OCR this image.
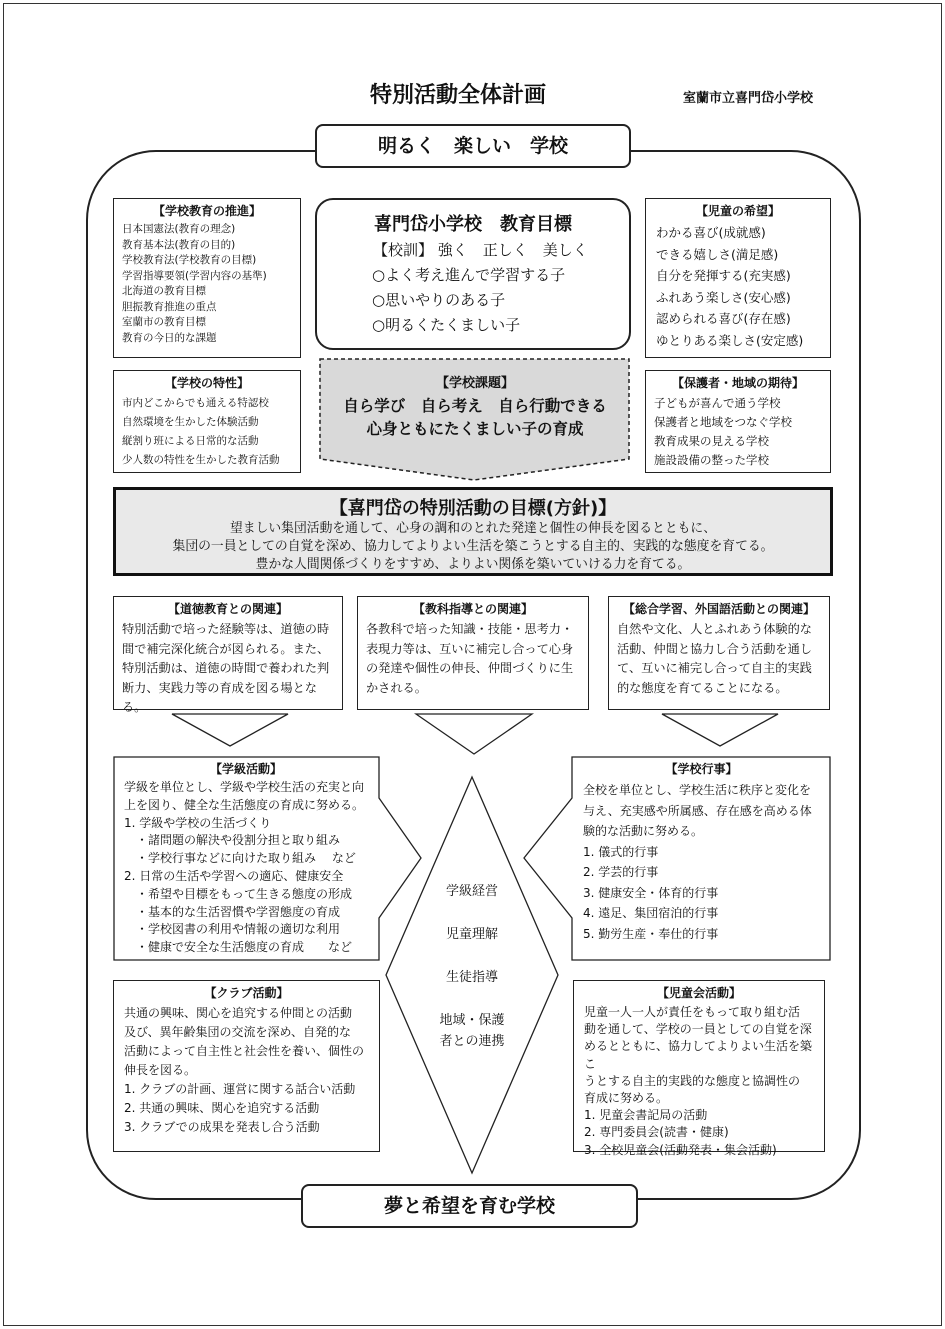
特別活動全体計画	室蘭市立喜門岱小学校
明るく　楽しい　学校
【学校教育の推進】
日本国憲法(教育の理念)
教育基本法(教育の目的)
学校教育法(学校教育の目標)
学習指導要領(学習内容の基準)
北海道の教育目標
胆振教育推進の重点
室蘭市の教育目標
教育の今日的な課題
喜門岱小学校　教育目標
【校訓】 強く　正しく　美しく
○よく考え進んで学習する子
○思いやりのある子
○明るくたくましい子
【児童の希望】
わかる喜び(成就感)
できる嬉しさ(満足感)
自分を発揮する(充実感)
ふれあう楽しさ(安心感)
認められる喜び(存在感)
ゆとりある楽しさ(安定感)
【学校の特性】
市内どこからでも通える特認校
自然環境を生かした体験活動
縦割り班による日常的な活動
少人数の特性を生かした教育活動
【学校課題】
自ら学び　自ら考え　自ら行動できる
心身ともにたくましい子の育成
【保護者・地域の期待】
子どもが喜んで通う学校
保護者と地域をつなぐ学校
教育成果の見える学校
施設設備の整った学校
【喜門岱の特別活動の目標(方針)】
望ましい集団活動を通して、心身の調和のとれた発達と個性の伸長を図るとともに、
集団の一員としての自覚を深め、協力してよりよい生活を築こうとする自主的、実践的な態度を育てる。
豊かな人間関係づくりをすすめ、よりよい関係を築いていける力を育てる。
【道徳教育との関連】
特別活動で培った経験等は、道徳の時間で補完深化統合が図られる。また、特別活動は、道徳の時間で養われた判断力、実践力等の育成を図る場となる。
【教科指導との関連】
各教科で培った知識・技能・思考力・表現力等は、互いに補完し合って心身の発達や個性の伸長、仲間づくりに生かされる。
【総合学習、外国語活動との関連】
自然や文化、人とふれあう体験的な活動、仲間と協力し合う活動を通して、互いに補完し合って自主的実践的な態度を育てることになる。
学級経営
児童理解
生徒指導
地域・保護
者との連携
【学級活動】
学級を単位とし、学級や学校生活の充実と向
上を図り、健全な生活態度の育成に努める。
1. 学級や学校の生活づくり
　・諸問題の解決や役割分担と取り組み
　・学校行事などに向けた取り組み　 など
2. 日常の生活や学習への適応、健康安全
　・希望や目標をもって生きる態度の形成
　・基本的な生活習慣や学習態度の育成
　・学校図書の利用や情報の適切な利用
　・健康で安全な生活態度の育成　　など
【学校行事】
全校を単位とし、学校生活に秩序と変化を
与え、充実感や所属感、存在感を高める体
験的な活動に努める。
1. 儀式的行事
2. 学芸的行事
3. 健康安全・体育的行事
4. 遠足、集団宿泊的行事
5. 勤労生産・奉仕的行事
【クラブ活動】
共通の興味、関心を追究する仲間との活動
及び、異年齢集団の交流を深め、自発的な
活動によって自主性と社会性を養い、個性の
伸長を図る。
1. クラブの計画、運営に関する話合い活動
2. 共通の興味、関心を追究する活動
3. クラブでの成果を発表し合う活動
【児童会活動】
児童一人一人が責任をもって取り組む活
動を通して、学校の一員としての自覚を深
めるとともに、協力してよりよい生活を築こ
うとする自主的実践的な態度と協調性の
育成に努める。
1. 児童会書記局の活動
2. 専門委員会(読書・健康)
3. 全校児童会(活動発表・集会活動)
夢と希望を育む学校
